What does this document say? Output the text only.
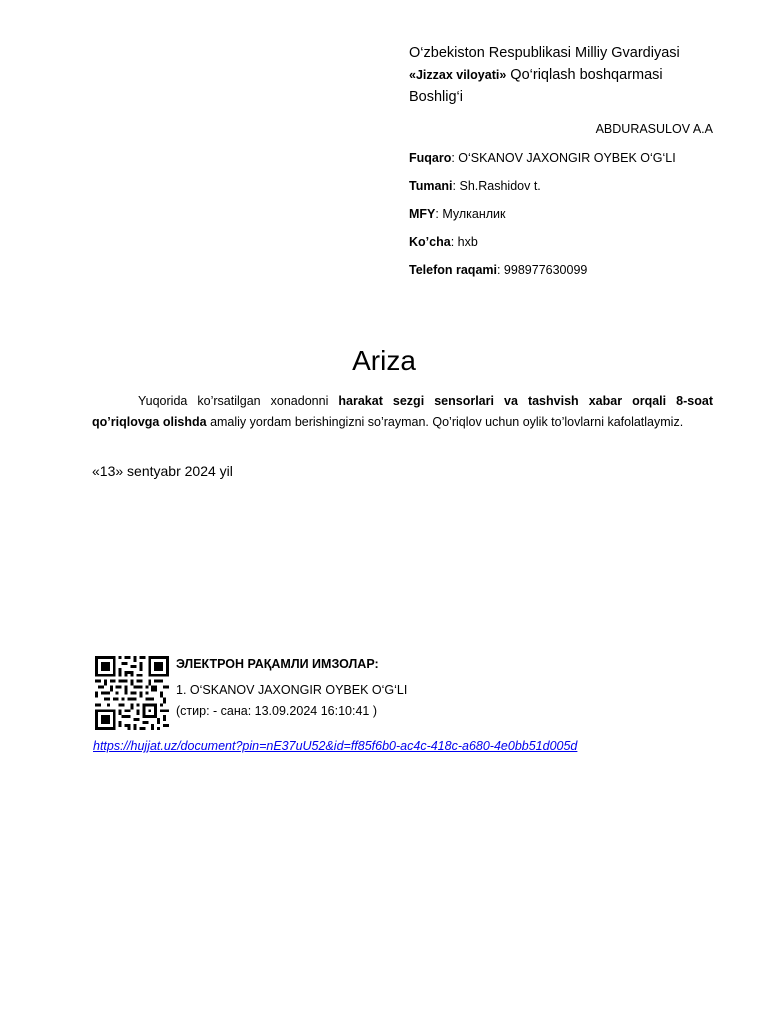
O‘zbekiston Respublikasi Milliy Gvardiyasi
«Jizzax viloyati» Qo‘riqlash boshqarmasi
Boshlig‘i
ABDURASULOV A.A
Fuqaro: O‘SKANOV JAXONGIR OYBEK O‘G‘LI
Tumani: Sh.Rashidov t.
MFY: Мулканлик
Ko’cha: hxb
Telefon raqami: 998977630099
Ariza
Yuqorida ko’rsatilgan xonadonni harakat sezgi sensorlari va tashvish xabar orqali 8-soat qo’riqlovga olishda amaliy yordam berishingizni so’rayman. Qo’riqlov uchun oylik to’lovlarni kafolatlaymiz.
«13» sentyabr 2024 yil
ЭЛЕКТРОН РАҚАМЛИ ИМЗОЛАР:
1. O‘SKANOV JAXONGIR OYBEK O‘G‘LI
(стир: - сана: 13.09.2024 16:10:41 )
https://hujjat.uz/document?pin=nE37uU52&id=ff85f6b0-ac4c-418c-a680-4e0bb51d005d
